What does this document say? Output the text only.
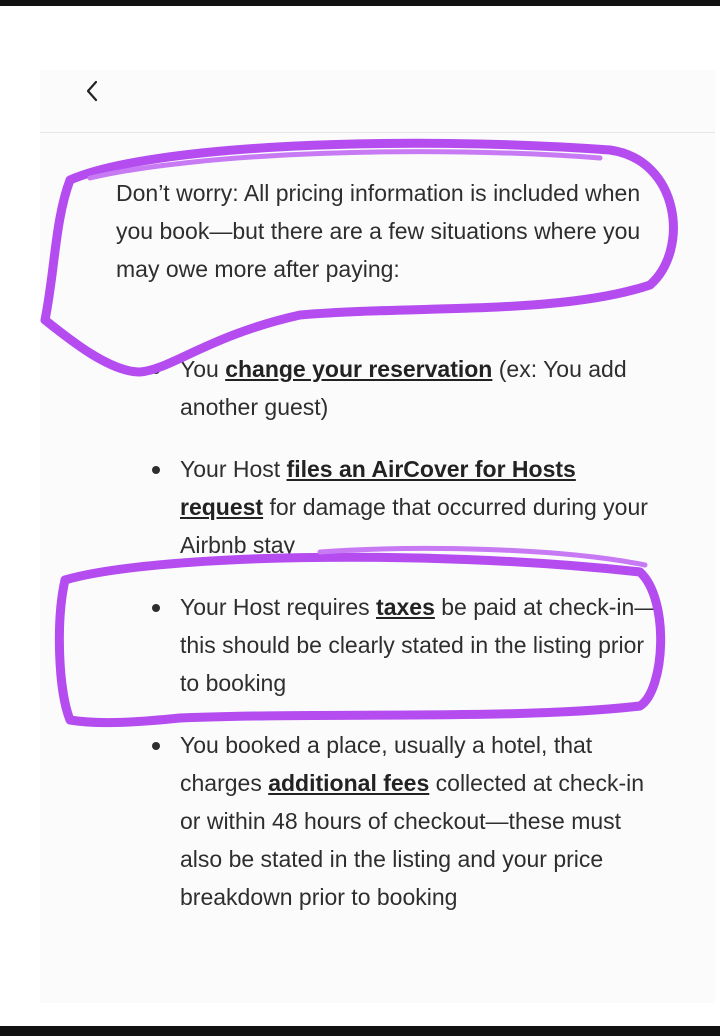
Don’t worry: All pricing information is included when you book—but there are a few situations where you may owe more after paying:

You change your reservation (ex: You add another guest)
Your Host files an AirCover for Hosts request for damage that occurred during your Airbnb stay
Your Host requires taxes be paid at check-in—this should be clearly stated in the listing prior to booking
You booked a place, usually a hotel, that charges additional fees collected at check-in or within 48 hours of checkout—these must also be stated in the listing and your price breakdown prior to booking
